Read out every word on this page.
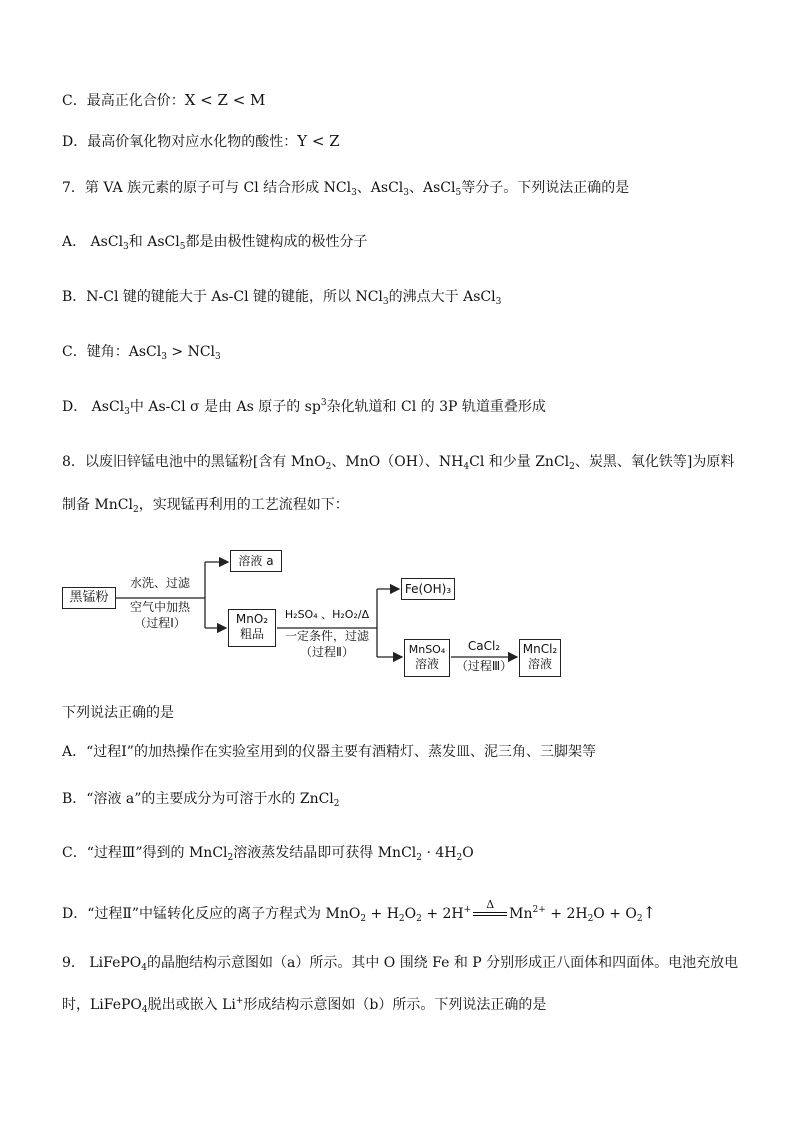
C．最高正化合价：X < Z < M
D．最高价氧化物对应水化物的酸性：Y < Z
7．第 VA 族元素的原子可与 Cl 结合形成 NCl$_3$、AsCl$_3$、AsCl$_5$等分子。下列说法正确的是
A． AsCl$_3$和 AsCl$_5$都是由极性键构成的极性分子
B．N-Cl 键的键能大于 As-Cl 键的键能，所以 NCl$_3$的沸点大于 AsCl$_3$
C．键角：AsCl$_3$ > NCl$_3$
D． AsCl$_3$中 As-Cl σ 是由 As 原子的 $sp^3$杂化轨道和 Cl 的 3P 轨道重叠形成
8．以废旧锌锰电池中的黑锰粉[含有 MnO$_2$、MnO（OH）、$NH_4Cl$ 和少量 ZnCl$_2$、炭黑、氧化铁等]为原料
制备 MnCl$_2$，实现锰再利用的工艺流程如下：
黑锰粉
水洗、过滤
空气中加热
（过程Ⅰ）
溶液 a
MnO₂
粗品
H₂SO₄ 、H₂O₂/Δ
一定条件，过滤
（过程Ⅱ）
Fe(OH)₃
MnSO₄
溶液
CaCl₂
（过程Ⅲ）
MnCl₂
溶液
下列说法正确的是
A．“过程Ⅰ”的加热操作在实验室用到的仪器主要有酒精灯、蒸发皿、泥三角、三脚架等
B．“溶液 a”的主要成分为可溶于水的 ZnCl$_2$
C．“过程Ⅲ”得到的 MnCl$_2$溶液蒸发结晶即可获得 MnCl$_2$ · $4H_2O$
D．“过程Ⅱ”中锰转化反应的离子方程式为 $MnO_2 + H_2O_2 + 2H^+$	Δ
$Mn^{2+} + 2H_2O$ + $O_2↑$
9． LiFePO$_4$的晶胞结构示意图如（a）所示。其中 O 围绕 Fe 和 P 分别形成正八面体和四面体。电池充放电
时，LiFePO$_4$脱出或嵌入 Li+形成结构示意图如（b）所示。下列说法正确的是
